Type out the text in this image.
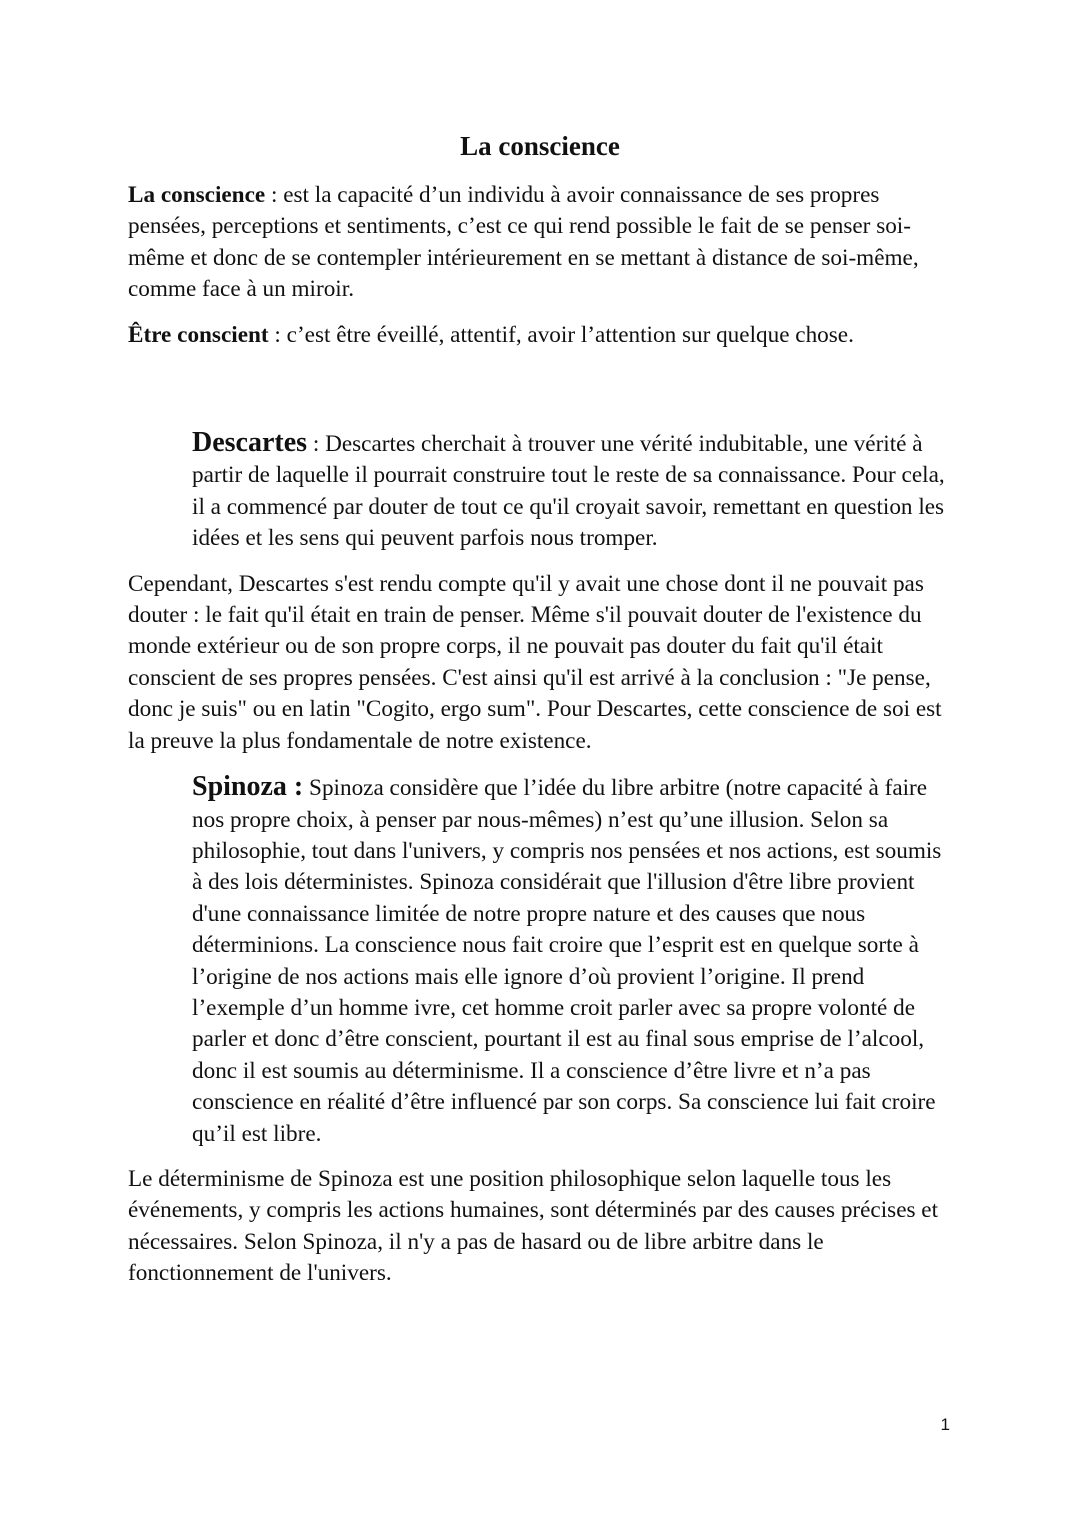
La conscience

La conscience : est la capacité d’un individu à avoir connaissance de ses propres pensées, perceptions et sentiments, c’est ce qui rend possible le fait de se penser soi-même et donc de se contempler intérieurement en se mettant à distance de soi-même, comme face à un miroir.

Être conscient : c’est être éveillé, attentif, avoir l’attention sur quelque chose.

Descartes : Descartes cherchait à trouver une vérité indubitable, une vérité à partir de laquelle il pourrait construire tout le reste de sa connaissance. Pour cela, il a commencé par douter de tout ce qu'il croyait savoir, remettant en question les idées et les sens qui peuvent parfois nous tromper.

Cependant, Descartes s'est rendu compte qu'il y avait une chose dont il ne pouvait pas douter : le fait qu'il était en train de penser. Même s'il pouvait douter de l'existence du monde extérieur ou de son propre corps, il ne pouvait pas douter du fait qu'il était conscient de ses propres pensées. C'est ainsi qu'il est arrivé à la conclusion : "Je pense, donc je suis" ou en latin "Cogito, ergo sum". Pour Descartes, cette conscience de soi est la preuve la plus fondamentale de notre existence.

Spinoza : Spinoza considère que l’idée du libre arbitre (notre capacité à faire nos propre choix, à penser par nous-mêmes) n’est qu’une illusion. Selon sa philosophie, tout dans l'univers, y compris nos pensées et nos actions, est soumis à des lois déterministes. Spinoza considérait que l'illusion d'être libre provient d'une connaissance limitée de notre propre nature et des causes que nous déterminions. La conscience nous fait croire que l’esprit est en quelque sorte à l’origine de nos actions mais elle ignore d’où provient l’origine. Il prend l’exemple d’un homme ivre, cet homme croit parler avec sa propre volonté de parler et donc d’être conscient, pourtant il est au final sous emprise de l’alcool, donc il est soumis au déterminisme. Il a conscience d’être livre et n’a pas conscience en réalité d’être influencé par son corps. Sa conscience lui fait croire qu’il est libre.

Le déterminisme de Spinoza est une position philosophique selon laquelle tous les événements, y compris les actions humaines, sont déterminés par des causes précises et nécessaires. Selon Spinoza, il n'y a pas de hasard ou de libre arbitre dans le fonctionnement de l'univers.

1
